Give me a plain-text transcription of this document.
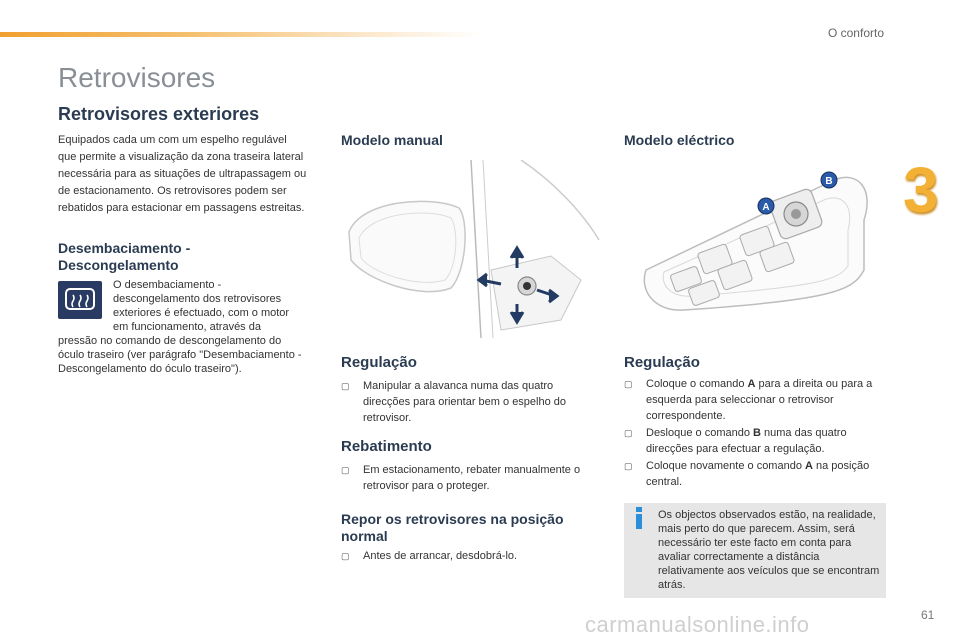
O conforto
3
Retrovisores
Retrovisores exteriores

Equipados cada um com um espelho regulável que permite a visualização da zona traseira lateral necessária para as situações de ultrapassagem ou de estacionamento. Os retrovisores podem ser rebatidos para estacionar em passagens estreitas.

Desembaciamento -
Descongelamento

O desembaciamento -
descongelamento dos retrovisores
exteriores é efectuado, com o motor
em funcionamento, através da

pressão no comando de descongelamento do óculo traseiro (ver parágrafo "Desembaciamento - Descongelamento do óculo traseiro").

Modelo manual
Regulação
▢ Manipular a alavanca numa das quatro direcções para orientar bem o espelho do retrovisor.
Rebatimento
▢ Em estacionamento, rebater manualmente o retrovisor para o proteger.
Repor os retrovisores na posição normal
▢ Antes de arrancar, desdobrá-lo.
Modelo eléctrico
A
B
Regulação
▢ Coloque o comando A para a direita ou para a esquerda para seleccionar o retrovisor correspondente.
▢ Desloque o comando B numa das quatro direcções para efectuar a regulação.
▢ Coloque novamente o comando A na posição central.

Os objectos observados estão, na realidade, mais perto do que parecem. Assim, será necessário ter este facto em conta para avaliar correctamente a distância relativamente aos veículos que se encontram atrás.

carmanualsonline.info	61
